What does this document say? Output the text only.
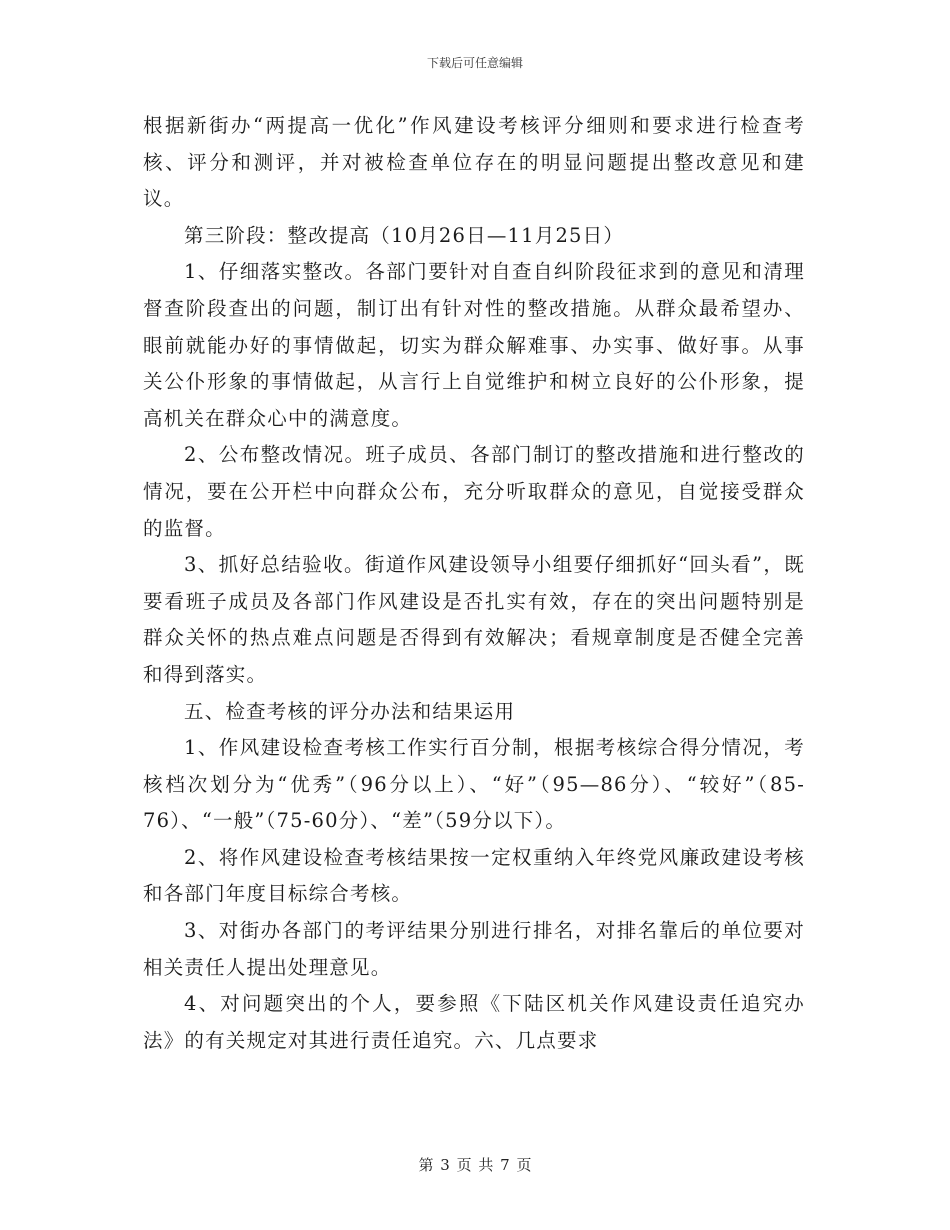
下载后可任意编辑

根据新街办“两提高一优化”作风建设考核评分细则和要求进行检查考核、评分和测评，并对被检查单位存在的明显问题提出整改意见和建议。

第三阶段：整改提高（10月26日—11月25日）

1、仔细落实整改。各部门要针对自查自纠阶段征求到的意见和清理督查阶段查出的问题，制订出有针对性的整改措施。从群众最希望办、眼前就能办好的事情做起，切实为群众解难事、办实事、做好事。从事关公仆形象的事情做起，从言行上自觉维护和树立良好的公仆形象，提高机关在群众心中的满意度。

2、公布整改情况。班子成员、各部门制订的整改措施和进行整改的情况，要在公开栏中向群众公布，充分听取群众的意见，自觉接受群众的监督。

3、抓好总结验收。街道作风建设领导小组要仔细抓好“回头看”，既要看班子成员及各部门作风建设是否扎实有效，存在的突出问题特别是群众关怀的热点难点问题是否得到有效解决；看规章制度是否健全完善和得到落实。

五、检查考核的评分办法和结果运用

1、作风建设检查考核工作实行百分制，根据考核综合得分情况，考核档次划分为“优秀”（96分以上）、“好”（95—86分）、“较好”（85-76）、“一般”（75-60分）、“差”（59分以下）。

2、将作风建设检查考核结果按一定权重纳入年终党风廉政建设考核和各部门年度目标综合考核。

3、对街办各部门的考评结果分别进行排名，对排名靠后的单位要对相关责任人提出处理意见。

4、对问题突出的个人，要参照《下陆区机关作风建设责任追究办法》的有关规定对其进行责任追究。六、几点要求

第 3 页 共 7 页
